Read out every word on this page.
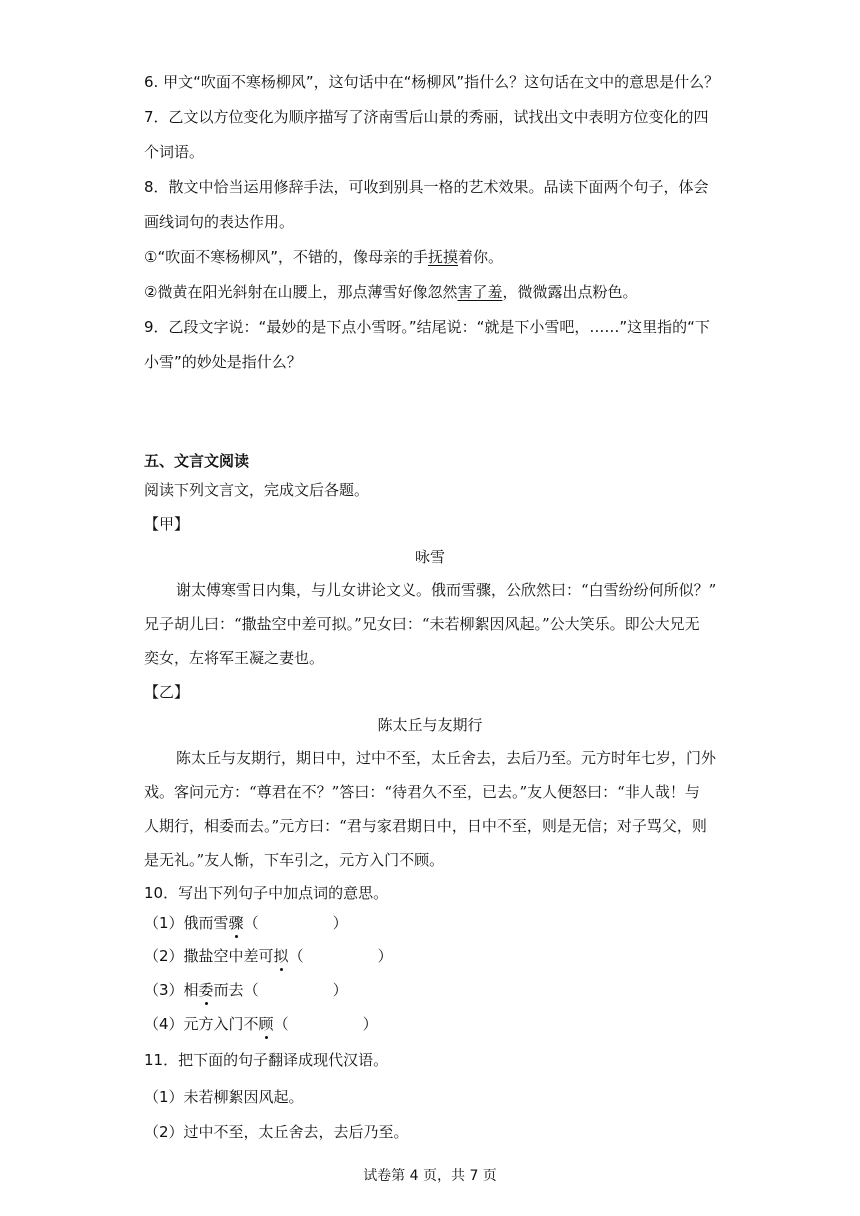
6. 甲文“吹面不寒杨柳风”，这句话中在“杨柳风”指什么？这句话在文中的意思是什么？
7．乙文以方位变化为顺序描写了济南雪后山景的秀丽，试找出文中表明方位变化的四
个词语。
8．散文中恰当运用修辞手法，可收到别具一格的艺术效果。品读下面两个句子，体会
画线词句的表达作用。
①“吹面不寒杨柳风”，不错的，像母亲的手抚摸着你。
②微黄在阳光斜射在山腰上，那点薄雪好像忽然害了羞，微微露出点粉色。
9．乙段文字说：“最妙的是下点小雪呀。”结尾说：“就是下小雪吧，……”这里指的“下
小雪”的妙处是指什么？
五、文言文阅读
阅读下列文言文，完成文后各题。
【甲】
咏雪
谢太傅寒雪日内集，与儿女讲论文义。俄而雪骤，公欣然曰：“白雪纷纷何所似？”
兄子胡儿曰：“撒盐空中差可拟。”兄女曰：“未若柳絮因风起。”公大笑乐。即公大兄无
奕女，左将军王凝之妻也。
【乙】
陈太丘与友期行
陈太丘与友期行，期日中，过中不至，太丘舍去，去后乃至。元方时年七岁，门外
戏。客问元方：“尊君在不？”答曰：“待君久不至，已去。”友人便怒曰：“非人哉！与
人期行，相委而去。”元方曰：“君与家君期日中，日中不至，则是无信；对子骂父，则
是无礼。”友人惭，下车引之，元方入门不顾。
10．写出下列句子中加点词的意思。
（1）俄而雪骤（	）
（2）撒盐空中差可拟（	）
（3）相委而去（	）
（4）元方入门不顾（	）
11．把下面的句子翻译成现代汉语。
（1）未若柳絮因风起。
（2）过中不至，太丘舍去，去后乃至。
试卷第 4 页，共 7 页
